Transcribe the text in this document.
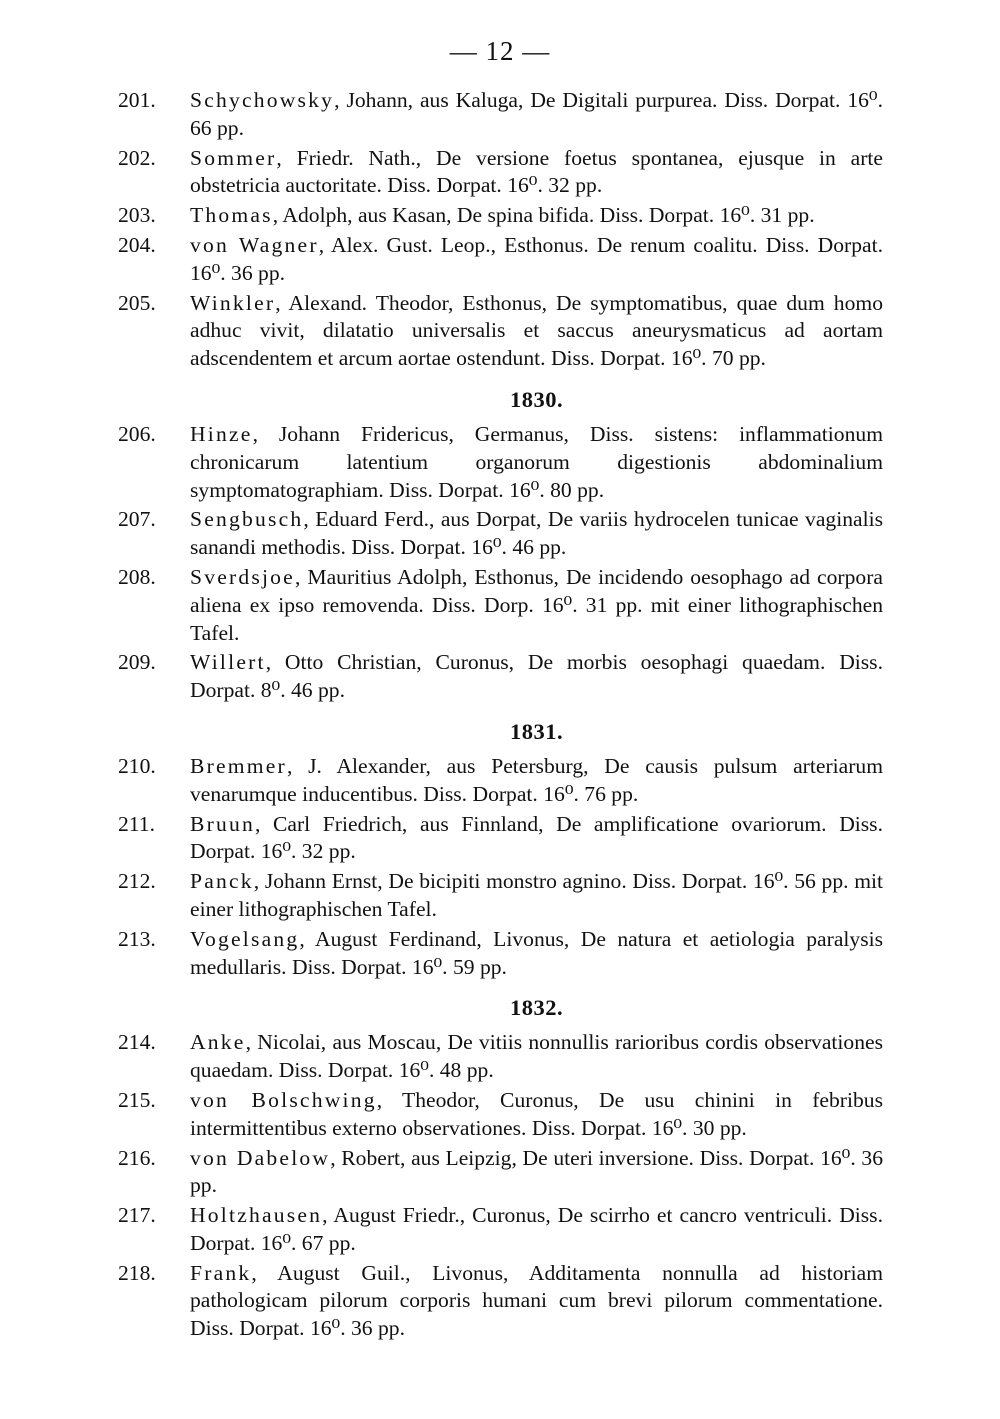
— 12 —
201.	Schychowsky, Johann, aus Kaluga, De Digitali purpurea. Diss. Dorpat. 16⁰. 66 pp.
202.	Sommer, Friedr. Nath., De versione foetus spontanea, ejusque in arte obstetricia auctoritate. Diss. Dorpat. 16⁰. 32 pp.
203.	Thomas, Adolph, aus Kasan, De spina bifida. Diss. Dorpat. 16⁰. 31 pp.
204.	von Wagner, Alex. Gust. Leop., Esthonus. De renum coalitu. Diss. Dorpat. 16⁰. 36 pp.
205.	Winkler, Alexand. Theodor, Esthonus, De symptomatibus, quae dum homo adhuc vivit, dilatatio universalis et saccus aneurysmaticus ad aortam adscendentem et arcum aortae ostendunt. Diss. Dorpat. 16⁰. 70 pp.
1830.
206.	Hinze, Johann Fridericus, Germanus, Diss. sistens: inflammationum chronicarum latentium organorum digestionis abdominalium symptomatographiam. Diss. Dorpat. 16⁰. 80 pp.
207.	Sengbusch, Eduard Ferd., aus Dorpat, De variis hydrocelen tunicae vaginalis sanandi methodis. Diss. Dorpat. 16⁰. 46 pp.
208.	Sverdsjoe, Mauritius Adolph, Esthonus, De incidendo oesophago ad corpora aliena ex ipso removenda. Diss. Dorp. 16⁰. 31 pp. mit einer lithographischen Tafel.
209.	Willert, Otto Christian, Curonus, De morbis oesophagi quaedam. Diss. Dorpat. 8⁰. 46 pp.
1831.
210.	Bremmer, J. Alexander, aus Petersburg, De causis pulsum arteriarum venarumque inducentibus. Diss. Dorpat. 16⁰. 76 pp.
211.	Bruun, Carl Friedrich, aus Finnland, De amplificatione ovariorum. Diss. Dorpat. 16⁰. 32 pp.
212.	Panck, Johann Ernst, De bicipiti monstro agnino. Diss. Dorpat. 16⁰. 56 pp. mit einer lithographischen Tafel.
213.	Vogelsang, August Ferdinand, Livonus, De natura et aetiologia paralysis medullaris. Diss. Dorpat. 16⁰. 59 pp.
1832.
214.	Anke, Nicolai, aus Moscau, De vitiis nonnullis rarioribus cordis observationes quaedam. Diss. Dorpat. 16⁰. 48 pp.
215.	von Bolschwing, Theodor, Curonus, De usu chinini in febribus intermittentibus externo observationes. Diss. Dorpat. 16⁰. 30 pp.
216.	von Dabelow, Robert, aus Leipzig, De uteri inversione. Diss. Dorpat. 16⁰. 36 pp.
217.	Holtzhausen, August Friedr., Curonus, De scirrho et cancro ventriculi. Diss. Dorpat. 16⁰. 67 pp.
218.	Frank, August Guil., Livonus, Additamenta nonnulla ad historiam pathologicam pilorum corporis humani cum brevi pilorum commentatione. Diss. Dorpat. 16⁰. 36 pp.
